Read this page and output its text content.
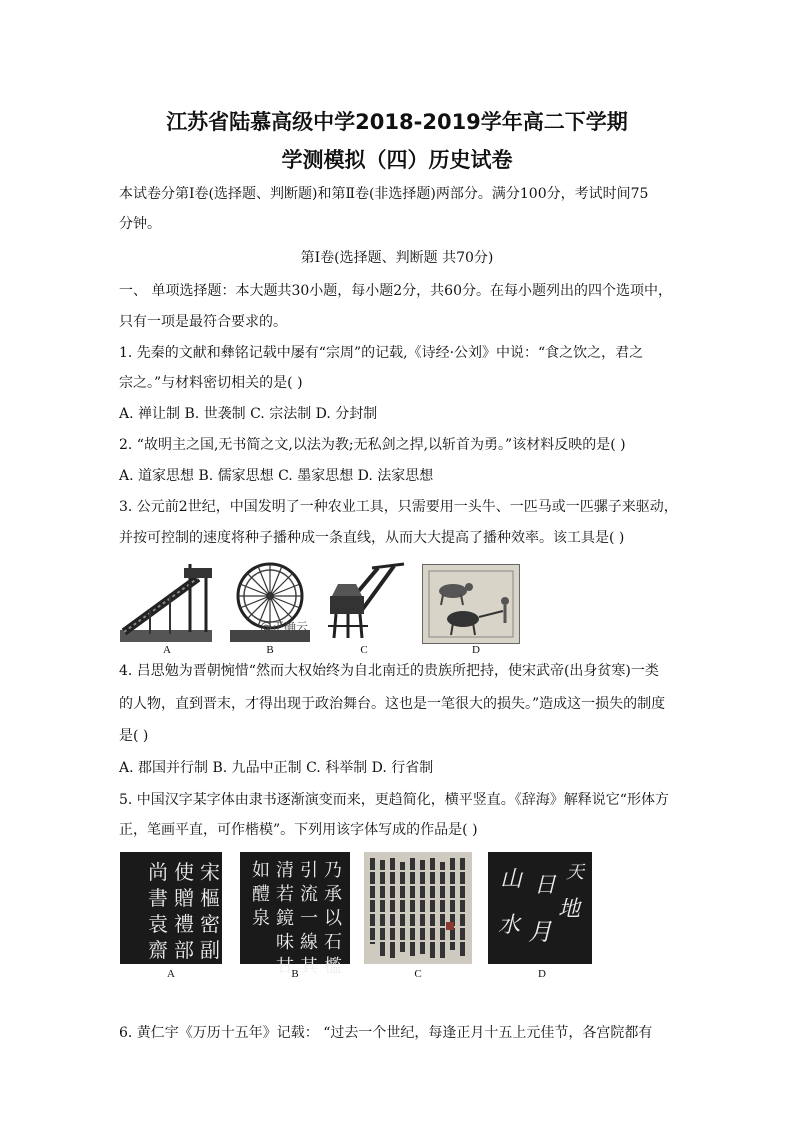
江苏省陆慕高级中学2018-2019学年高二下学期
学测模拟（四）历史试卷
本试卷分第Ⅰ卷(选择题、判断题)和第Ⅱ卷(非选择题)两部分。满分100分，考试时间75
分钟。
第Ⅰ卷(选择题、判断题 共70分)
一、 单项选择题：本大题共30小题，每小题2分，共60分。在每小题列出的四个选项中，
只有一项是最符合要求的。
1. 先秦的文献和彝铭记载中屡有“宗周”的记载,《诗经·公刘》中说：“食之饮之，君之
宗之。”与材料密切相关的是( )
A. 禅让制 B. 世袭制 C. 宗法制 D. 分封制
2. “故明主之国,无书简之文,以法为教;无私剑之捍,以斩首为勇。”该材料反映的是( )
A. 道家思想 B. 儒家思想 C. 墨家思想 D. 法家思想
3. 公元前2世纪，中国发明了一种农业工具，只需要用一头牛、一匹马或一匹骡子来驱动，
并按可控制的速度将种子播种成一条直线，从而大大提高了播种效率。该工具是( )
A
@正确云
B	C	D
4. 吕思勉为晋朝惋惜“然而大权始终为自北南迁的贵族所把持，使宋武帝(出身贫寒)一类
的人物，直到晋末，才得出现于政治舞台。这也是一笔很大的损失。”造成这一损失的制度
是( )
A. 郡国并行制 B. 九品中正制 C. 科举制 D. 行省制
5. 中国汉字某字体由隶书逐渐演变而来，更趋简化，横平竖直。《辞海》解释说它“形体方
正，笔画平直，可作楷模”。下列用该字体写成的作品是( )
宋
樞
密
副
使
贈
禮
部
尚
書
袁
齋
A
乃
承
以
石
檻
引
流
一
線
其
清
若
鏡
味
甘
如
醴
泉
B	C
天
地
日
月
山
水
D
6. 黄仁宇《万历十五年》记载： “过去一个世纪，每逢正月十五上元佳节，各宫院都有
